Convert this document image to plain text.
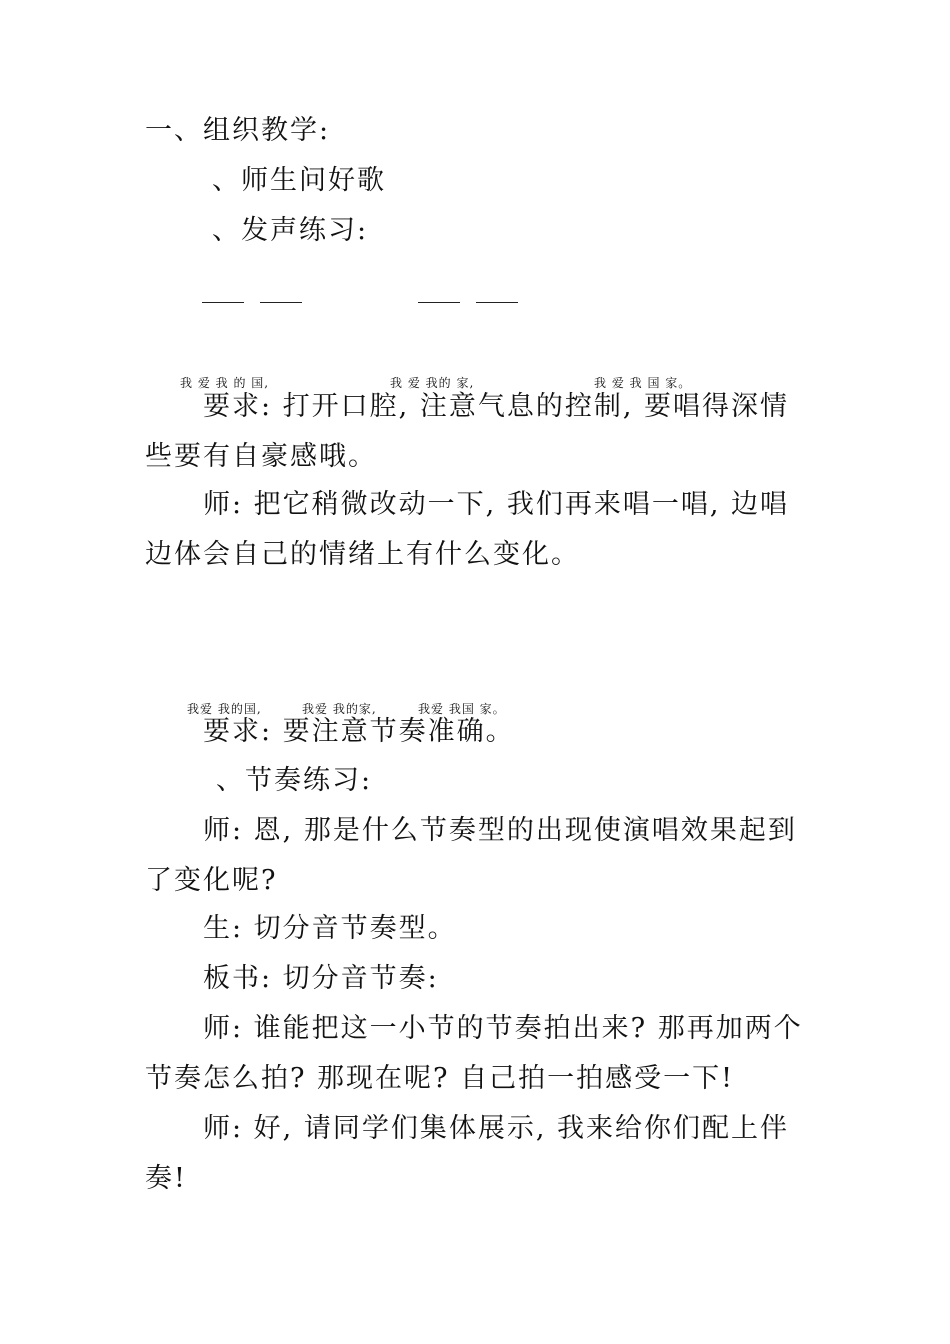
一、组织教学:
、师生问好歌
、发声练习:
我 爱 我 的 国,	我 爱 我的 家,	我 爱 我 国 家。
要求: 打开口腔, 注意气息的控制, 要唱得深情
些要有自豪感哦。
师: 把它稍微改动一下, 我们再来唱一唱, 边唱
边体会自己的情绪上有什么变化。
我爱 我的国,	我爱 我的家,	我爱 我国 家。
要求: 要注意节奏准确。
、节奏练习:
师: 恩, 那是什么节奏型的出现使演唱效果起到
了变化呢?
生: 切分音节奏型。
板书: 切分音节奏:
师: 谁能把这一小节的节奏拍出来? 那再加两个
节奏怎么拍? 那现在呢? 自己拍一拍感受一下!
师: 好, 请同学们集体展示, 我来给你们配上伴
奏!
